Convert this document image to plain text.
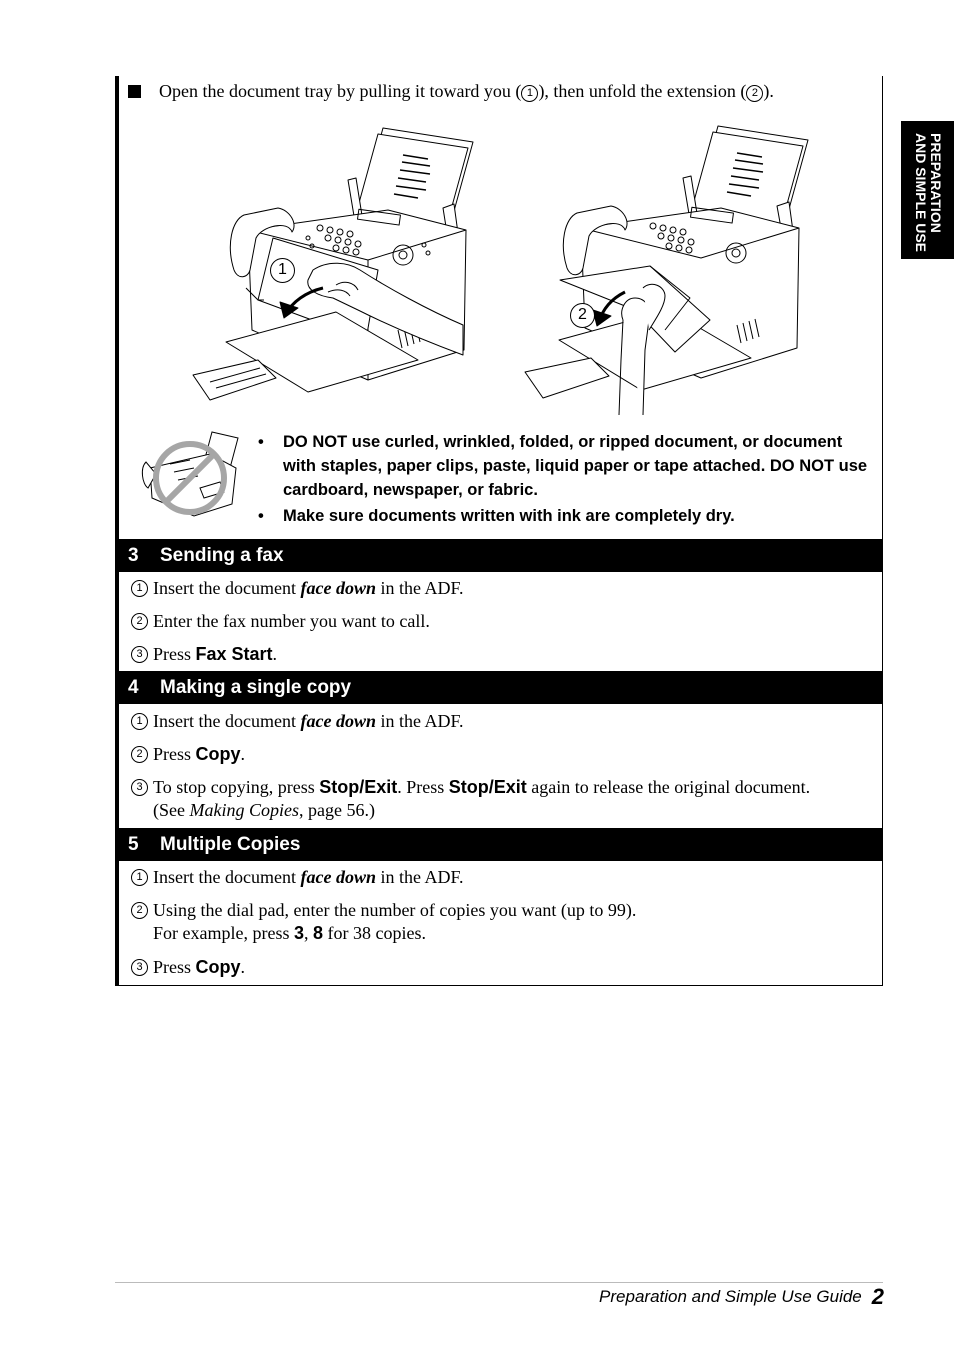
Open the document tray by pulling it toward you ( 1 ), then unfold the extension ( 2 ).
1
2
• DO NOT use curled, wrinkled, folded, or ripped document, or document with staples, paper clips, paste, liquid paper or tape attached. DO NOT use cardboard, newspaper, or fabric.
• Make sure documents written with ink are completely dry.
3 Sending a fax
1 Insert the document face down in the ADF.
2 Enter the fax number you want to call.
3 Press Fax Start.
4 Making a single copy
1 Insert the document face down in the ADF.
2 Press Copy.
3 To stop copying, press Stop/Exit. Press Stop/Exit again to release the original document.
(See Making Copies, page 56.)
5 Multiple Copies
1 Insert the document face down in the ADF.
2 Using the dial pad, enter the number of copies you want (up to 99).
For example, press 3, 8 for 38 copies.
3 Press Copy.
PREPARATION
AND SIMPLE USE
Preparation and Simple Use Guide 2
